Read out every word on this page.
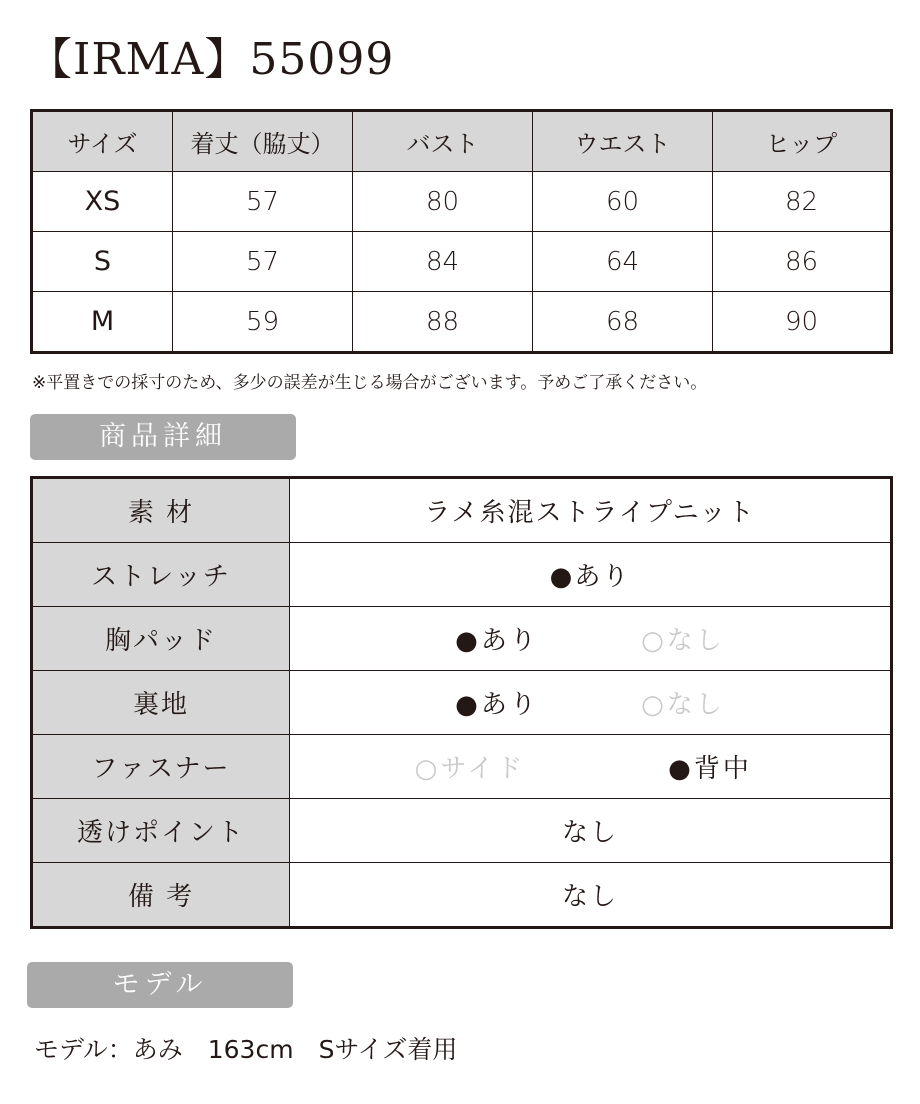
【IRMA】55099
サイズ	着丈（脇丈）	バスト	ウエスト	ヒップ
XS	57	80	60	82
S	57	84	64	86
M	59	88	68	90
※平置きでの採寸のため、多少の誤差が生じる場合がございます。予めご了承ください。
商品詳細
素 材	ラメ糸混ストライプニット
ストレッチ	●あり
胸パッド	●あり ○なし
裏地	●あり ○なし
ファスナー	○サイド ●背中
透けポイント	なし
備 考	なし
モデル
モデル：あみ　163cm　Sサイズ着用
